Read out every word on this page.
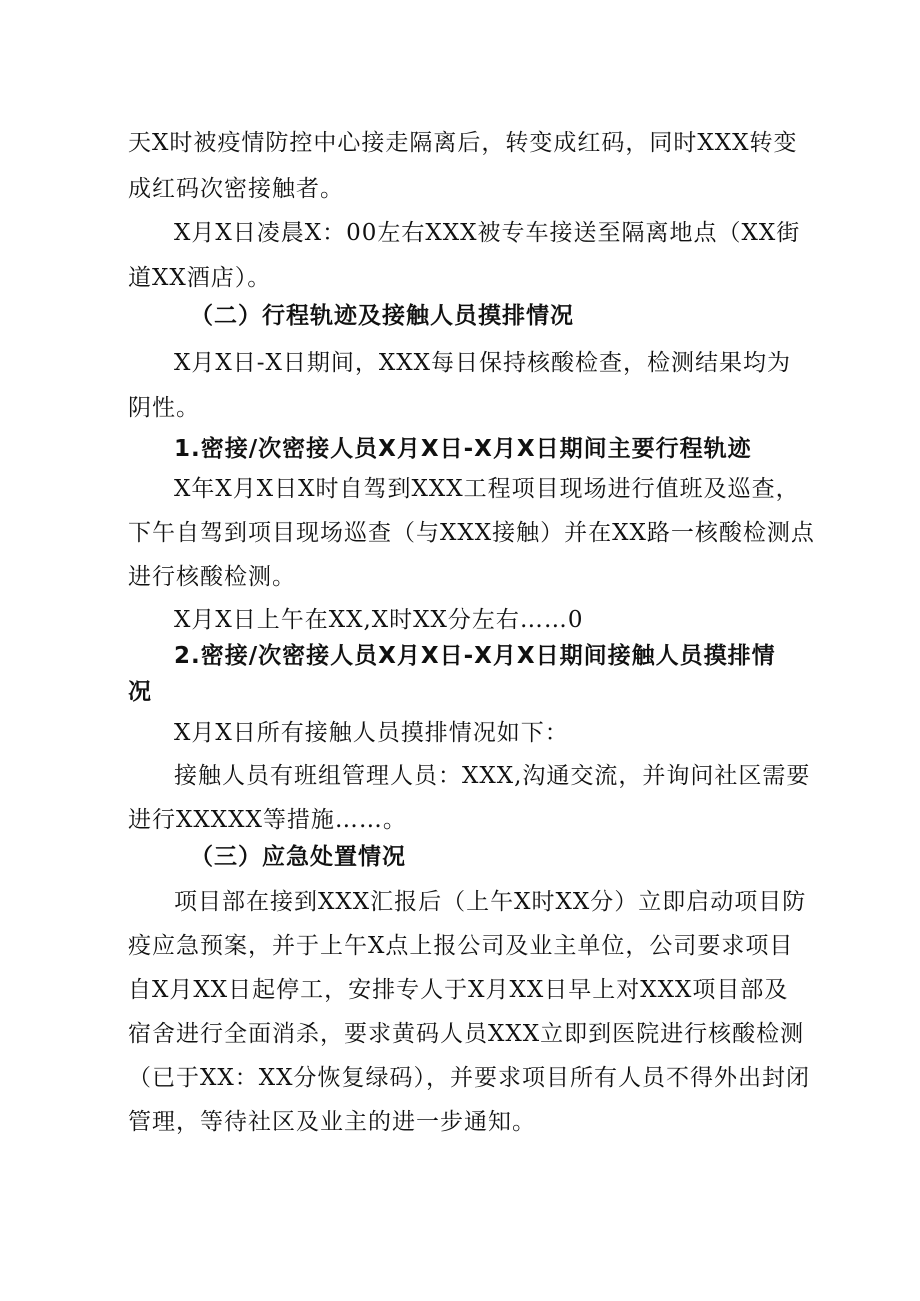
天X时被疫情防控中心接走隔离后，转变成红码，同时XXX转变
成红码次密接触者。
X月X日凌晨X：00左右XXX被专车接送至隔离地点（XX街
道XX酒店）。
（二）行程轨迹及接触人员摸排情况
X月X日-X日期间，XXX每日保持核酸检查，检测结果均为
阴性。
1.密接/次密接人员X月X日-X月X日期间主要行程轨迹
X年X月X日X时自驾到XXX工程项目现场进行值班及巡查，
下午自驾到项目现场巡查（与XXX接触）并在XX路一核酸检测点
进行核酸检测。
X月X日上午在XX,X时XX分左右……0
2.密接/次密接人员X月X日-X月X日期间接触人员摸排情
况
X月X日所有接触人员摸排情况如下：
接触人员有班组管理人员：XXX,沟通交流，并询问社区需要
进行XXXXX等措施……。
（三）应急处置情况
项目部在接到XXX汇报后（上午X时XX分）立即启动项目防
疫应急预案，并于上午X点上报公司及业主单位，公司要求项目
自X月XX日起停工，安排专人于X月XX日早上对XXX项目部及
宿舍进行全面消杀，要求黄码人员XXX立即到医院进行核酸检测
（已于XX：XX分恢复绿码），并要求项目所有人员不得外出封闭
管理，等待社区及业主的进一步通知。
